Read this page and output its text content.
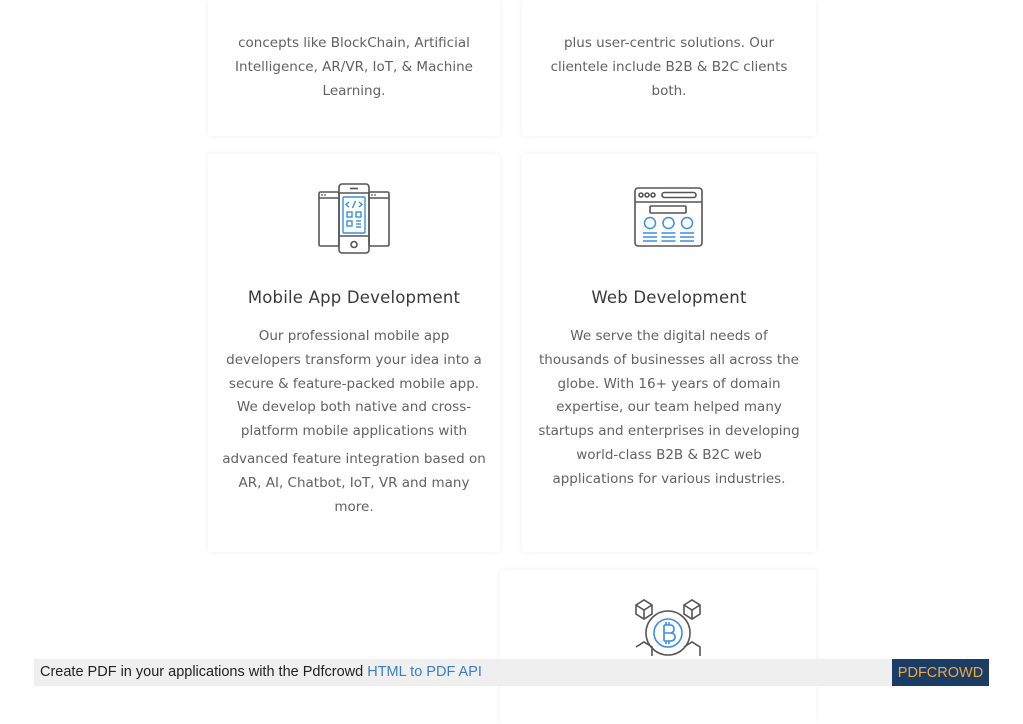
concepts like BlockChain, Artificial
Intelligence, AR/VR, IoT, & Machine
Learning.
plus user-centric solutions. Our
clientele include B2B & B2C clients
both.
Mobile App Development
Our professional mobile app
developers transform your idea into a
secure & feature-packed mobile app.
We develop both native and cross-
platform mobile applications with
advanced feature integration based on
AR, AI, Chatbot, IoT, VR and many
more.
Web Development
We serve the digital needs of
thousands of businesses all across the
globe. With 16+ years of domain
expertise, our team helped many
startups and enterprises in developing
world-class B2B & B2C web
applications for various industries.
Create PDF in your applications with the Pdfcrowd HTML to PDF API	PDFCROWD
